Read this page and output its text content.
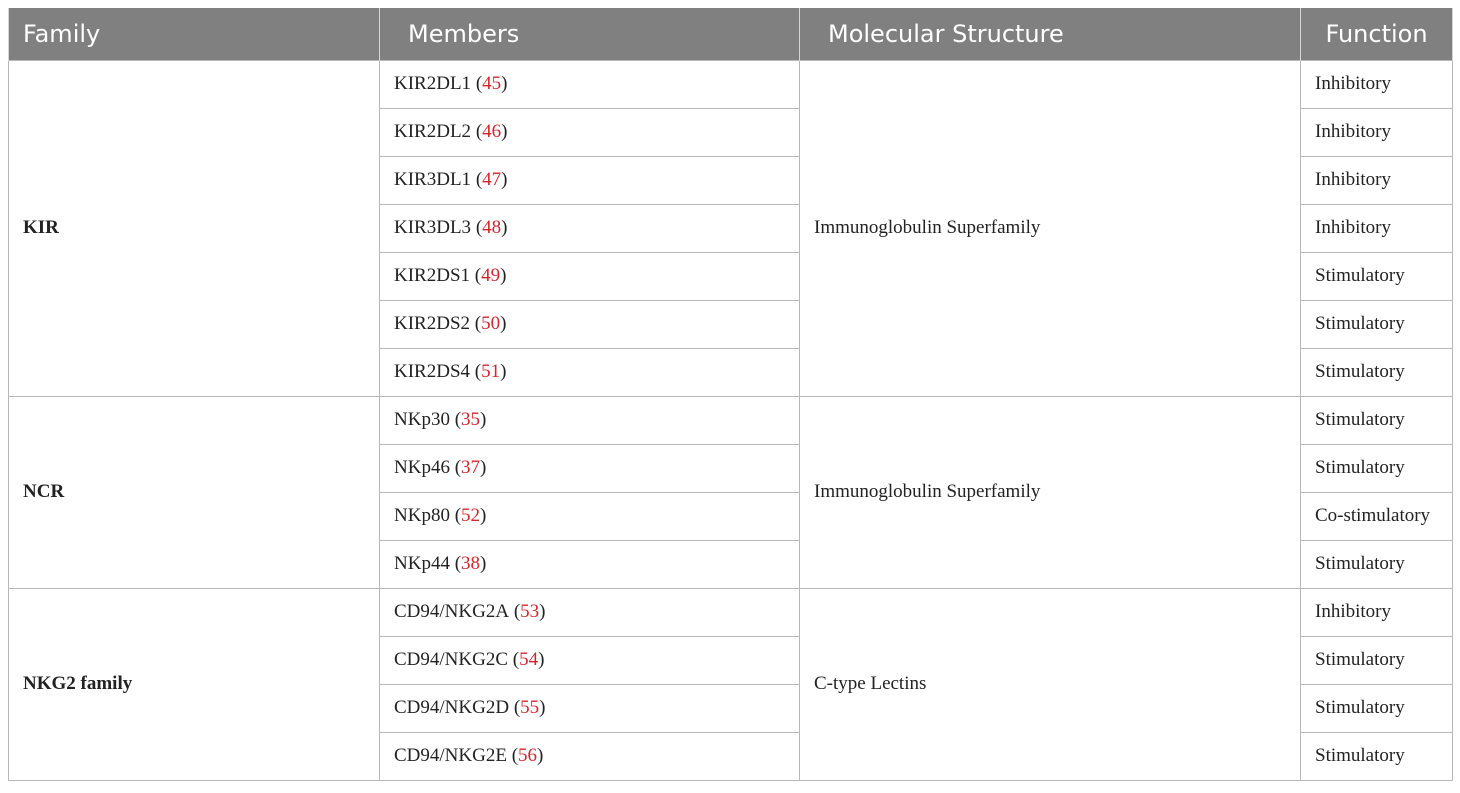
Family	Members	Molecular Structure	Function
KIR	KIR2DL1 (45)	Immunoglobulin Superfamily	Inhibitory
	KIR2DL2 (46)		Inhibitory
	KIR3DL1 (47)		Inhibitory
	KIR3DL3 (48)		Inhibitory
	KIR2DS1 (49)		Stimulatory
	KIR2DS2 (50)		Stimulatory
	KIR2DS4 (51)		Stimulatory
NCR	NKp30 (35)	Immunoglobulin Superfamily	Stimulatory
	NKp46 (37)		Stimulatory
	NKp80 (52)		Co-stimulatory
	NKp44 (38)		Stimulatory
NKG2 family	CD94/NKG2A (53)	C-type Lectins	Inhibitory
	CD94/NKG2C (54)		Stimulatory
	CD94/NKG2D (55)		Stimulatory
	CD94/NKG2E (56)		Stimulatory
